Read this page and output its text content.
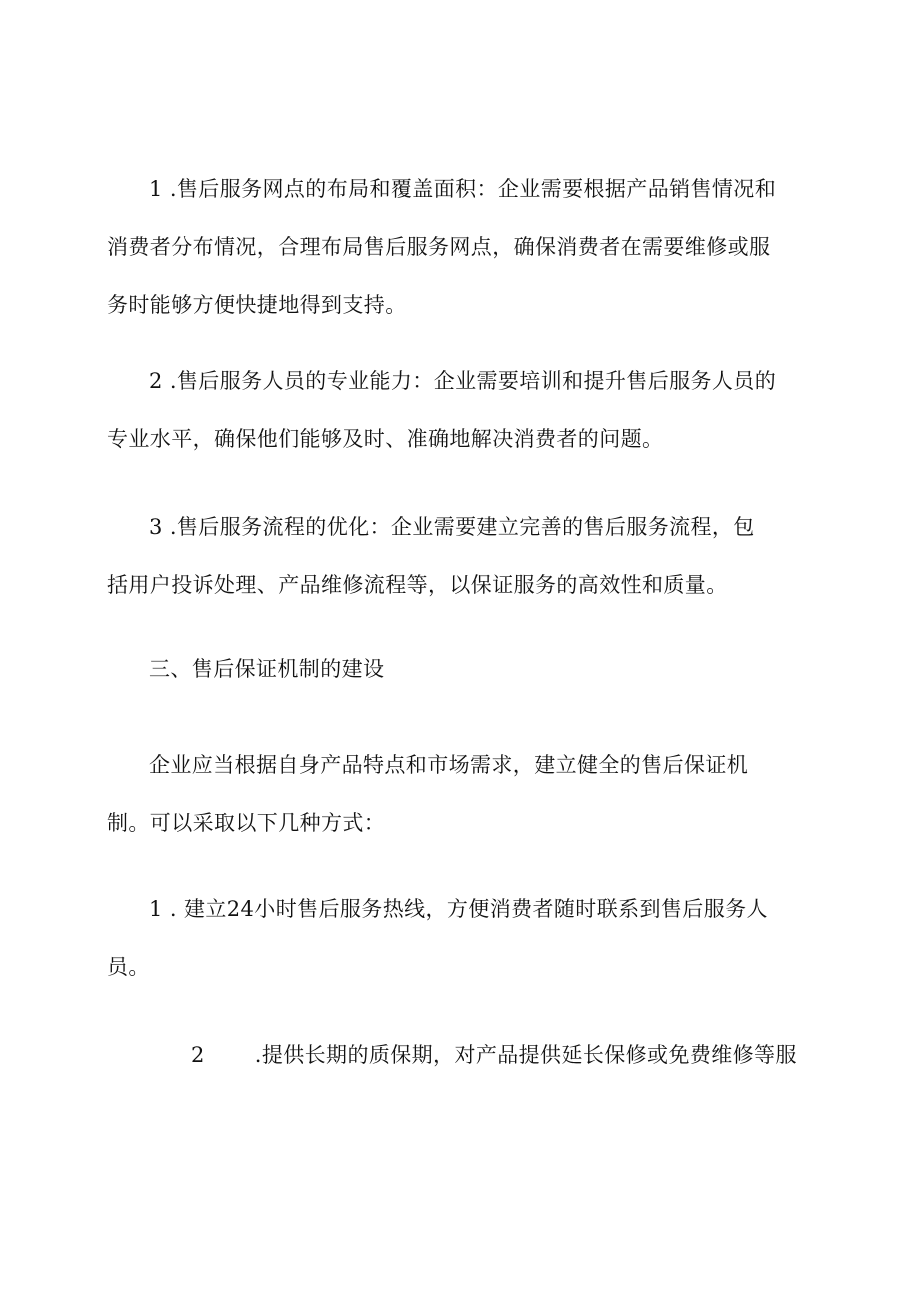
1 .售后服务网点的布局和覆盖面积：企业需要根据产品销售情况和
消费者分布情况，合理布局售后服务网点，确保消费者在需要维修或服
务时能够方便快捷地得到支持。

2 .售后服务人员的专业能力：企业需要培训和提升售后服务人员的
专业水平，确保他们能够及时、准确地解决消费者的问题。

3 .售后服务流程的优化：企业需要建立完善的售后服务流程，包
括用户投诉处理、产品维修流程等，以保证服务的高效性和质量。

三、售后保证机制的建设

企业应当根据自身产品特点和市场需求，建立健全的售后保证机
制。可以采取以下几种方式：

1 . 建立24小时售后服务热线，方便消费者随时联系到售后服务人
员。

2 .提供长期的质保期，对产品提供延长保修或免费维修等服
